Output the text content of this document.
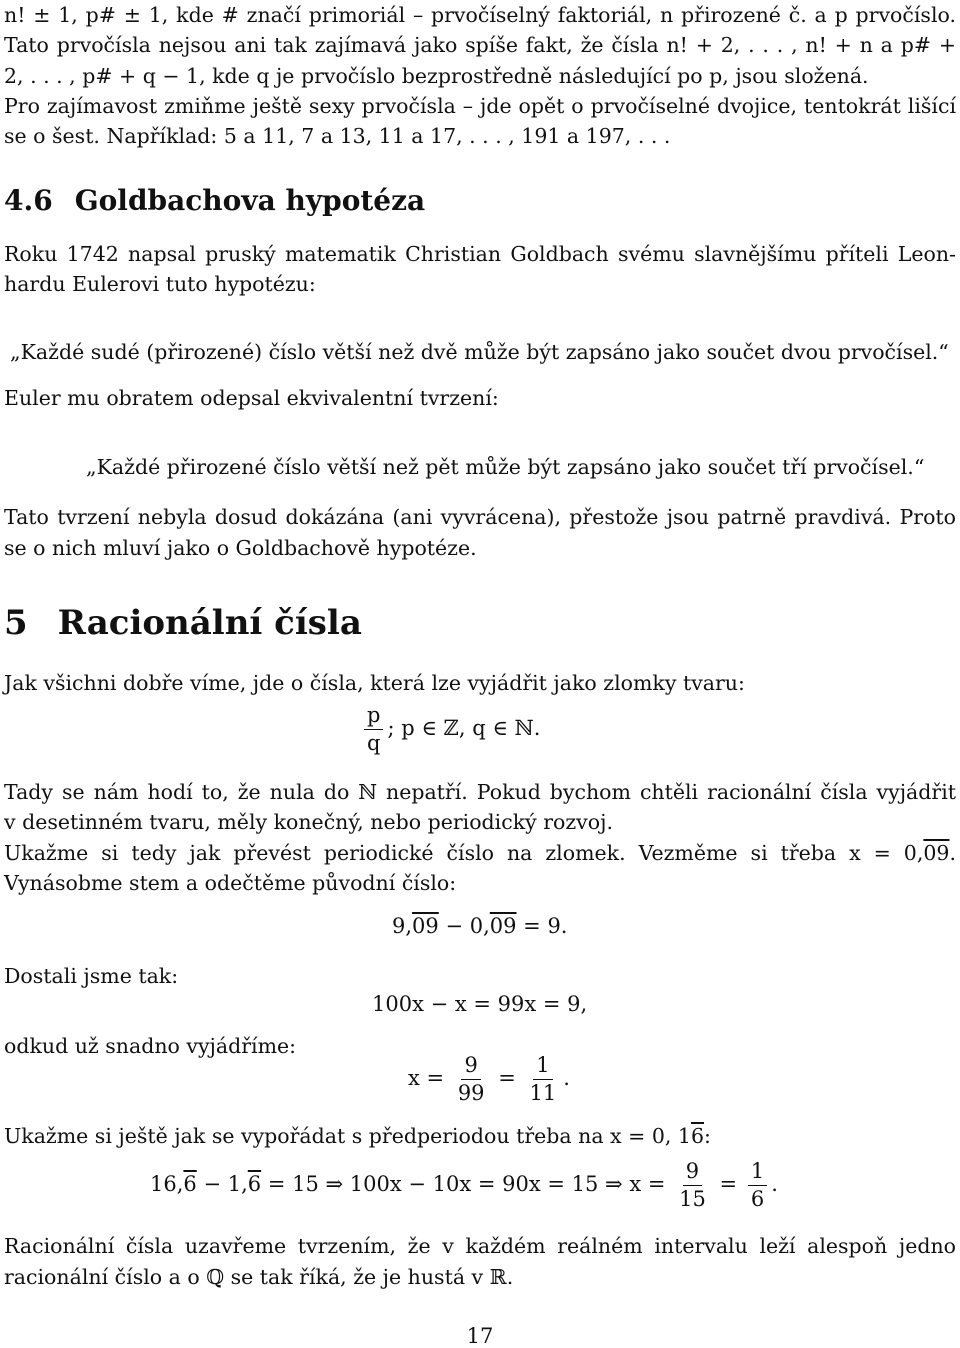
n! ± 1, p# ± 1, kde # značí primoriál – prvočíselný faktoriál, n přirozené č. a p prvočíslo.
Tato prvočísla nejsou ani tak zajímavá jako spíše fakt, že čísla n! + 2, . . . , n! + n a p# +
2, . . . , p# + q − 1, kde q je prvočíslo bezprostředně následující po p, jsou složená.
Pro zajímavost zmiňme ještě sexy prvočísla – jde opět o prvočíselné dvojice, tentokrát lišící
se o šest. Například: 5 a 11, 7 a 13, 11 a 17, . . . , 191 a 197, . . .
4.6 Goldbachova hypotéza
Roku 1742 napsal pruský matematik Christian Goldbach svému slavnějšímu příteli Leon-
hardu Eulerovi tuto hypotézu:
„Každé sudé (přirozené) číslo větší než dvě může být zapsáno jako součet dvou prvočísel.“
Euler mu obratem odepsal ekvivalentní tvrzení:
„Každé přirozené číslo větší než pět může být zapsáno jako součet tří prvočísel.“
Tato tvrzení nebyla dosud dokázána (ani vyvrácena), přestože jsou patrně pravdivá. Proto
se o nich mluví jako o Goldbachově hypotéze.
5 Racionální čísla
Jak všichni dobře víme, jde o čísla, která lze vyjádřit jako zlomky tvaru:
$\frac{p}{q}$ ; p ∈ ℤ, q ∈ ℕ.
Tady se nám hodí to, že nula do ℕ nepatří. Pokud bychom chtěli racionální čísla vyjádřit
v desetinném tvaru, měly konečný, nebo periodický rozvoj.
Ukažme si tedy jak převést periodické číslo na zlomek. Vezměme si třeba x = 0,09.
Vynásobme stem a odečtěme původní číslo:
9,09 − 0,09 = 9.
Dostali jsme tak:
100x − x = 99x = 9,
odkud už snadno vyjádříme:
$x = \frac{9}{99} = \frac{1}{11}$ .
Ukažme si ještě jak se vypořádat s předperiodou třeba na x = 0, 16:
16,6 − 1,6 = 15 ⇒ 100x − 10x = 90x = 15 ⇒ $x = \frac{9}{15} = \frac{1}{6}$ .
Racionální čísla uzavřeme tvrzením, že v každém reálném intervalu leží alespoň jedno
racionální číslo a o ℚ se tak říká, že je hustá v ℝ.
17
